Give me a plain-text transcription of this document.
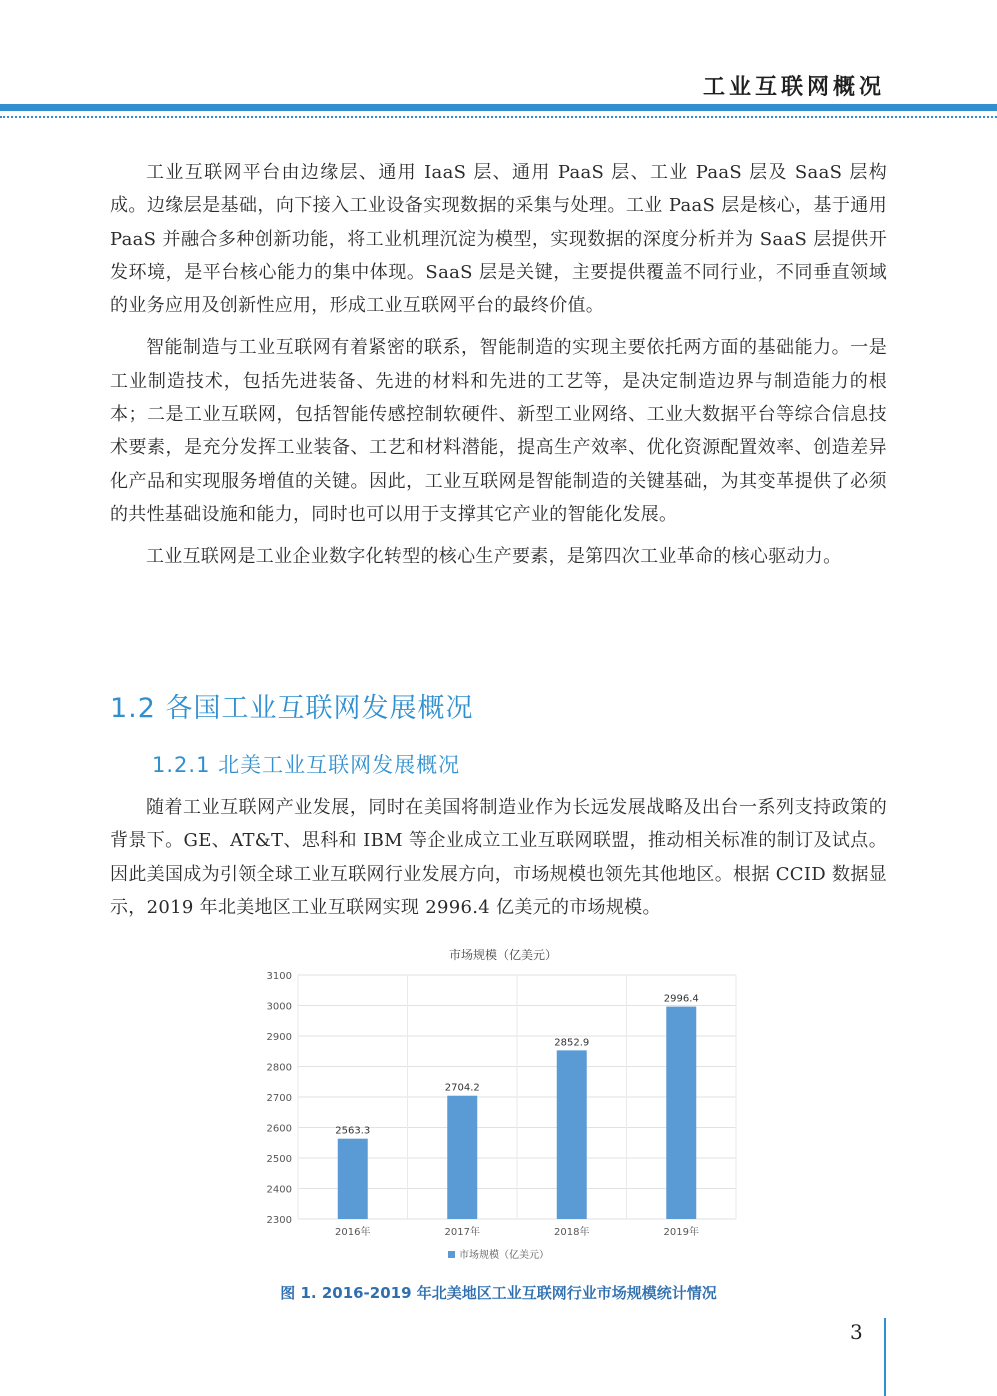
工业互联网概况

工业互联网平台由边缘层、通用 IaaS 层、通用 PaaS 层、工业 PaaS 层及 SaaS 层构成。边缘层是基础，向下接入工业设备实现数据的采集与处理。工业 PaaS 层是核心，基于通用 PaaS 并融合多种创新功能，将工业机理沉淀为模型，实现数据的深度分析并为 SaaS 层提供开发环境，是平台核心能力的集中体现。SaaS 层是关键，主要提供覆盖不同行业，不同垂直领域的业务应用及创新性应用，形成工业互联网平台的最终价值。

智能制造与工业互联网有着紧密的联系，智能制造的实现主要依托两方面的基础能力。一是工业制造技术，包括先进装备、先进的材料和先进的工艺等，是决定制造边界与制造能力的根本；二是工业互联网，包括智能传感控制软硬件、新型工业网络、工业大数据平台等综合信息技术要素，是充分发挥工业装备、工艺和材料潜能，提高生产效率、优化资源配置效率、创造差异化产品和实现服务增值的关键。因此，工业互联网是智能制造的关键基础，为其变革提供了必须的共性基础设施和能力，同时也可以用于支撑其它产业的智能化发展。

工业互联网是工业企业数字化转型的核心生产要素，是第四次工业革命的核心驱动力。

1.2 各国工业互联网发展概况
1.2.1 北美工业互联网发展概况

随着工业互联网产业发展，同时在美国将制造业作为长远发展战略及出台一系列支持政策的背景下。GE、AT&T、思科和 IBM 等企业成立工业互联网联盟，推动相关标准的制订及试点。因此美国成为引领全球工业互联网行业发展方向，市场规模也领先其他地区。根据 CCID 数据显示，2019 年北美地区工业互联网实现 2996.4 亿美元的市场规模。

市场规模（亿美元）
2300
2400
2500
2600
2700
2800
2900
3000
3100
2563.3
2016年
2704.2
2017年
2852.9
2018年
2996.4
2019年
市场规模（亿美元）
图 1. 2016-2019 年北美地区工业互联网行业市场规模统计情况
3
